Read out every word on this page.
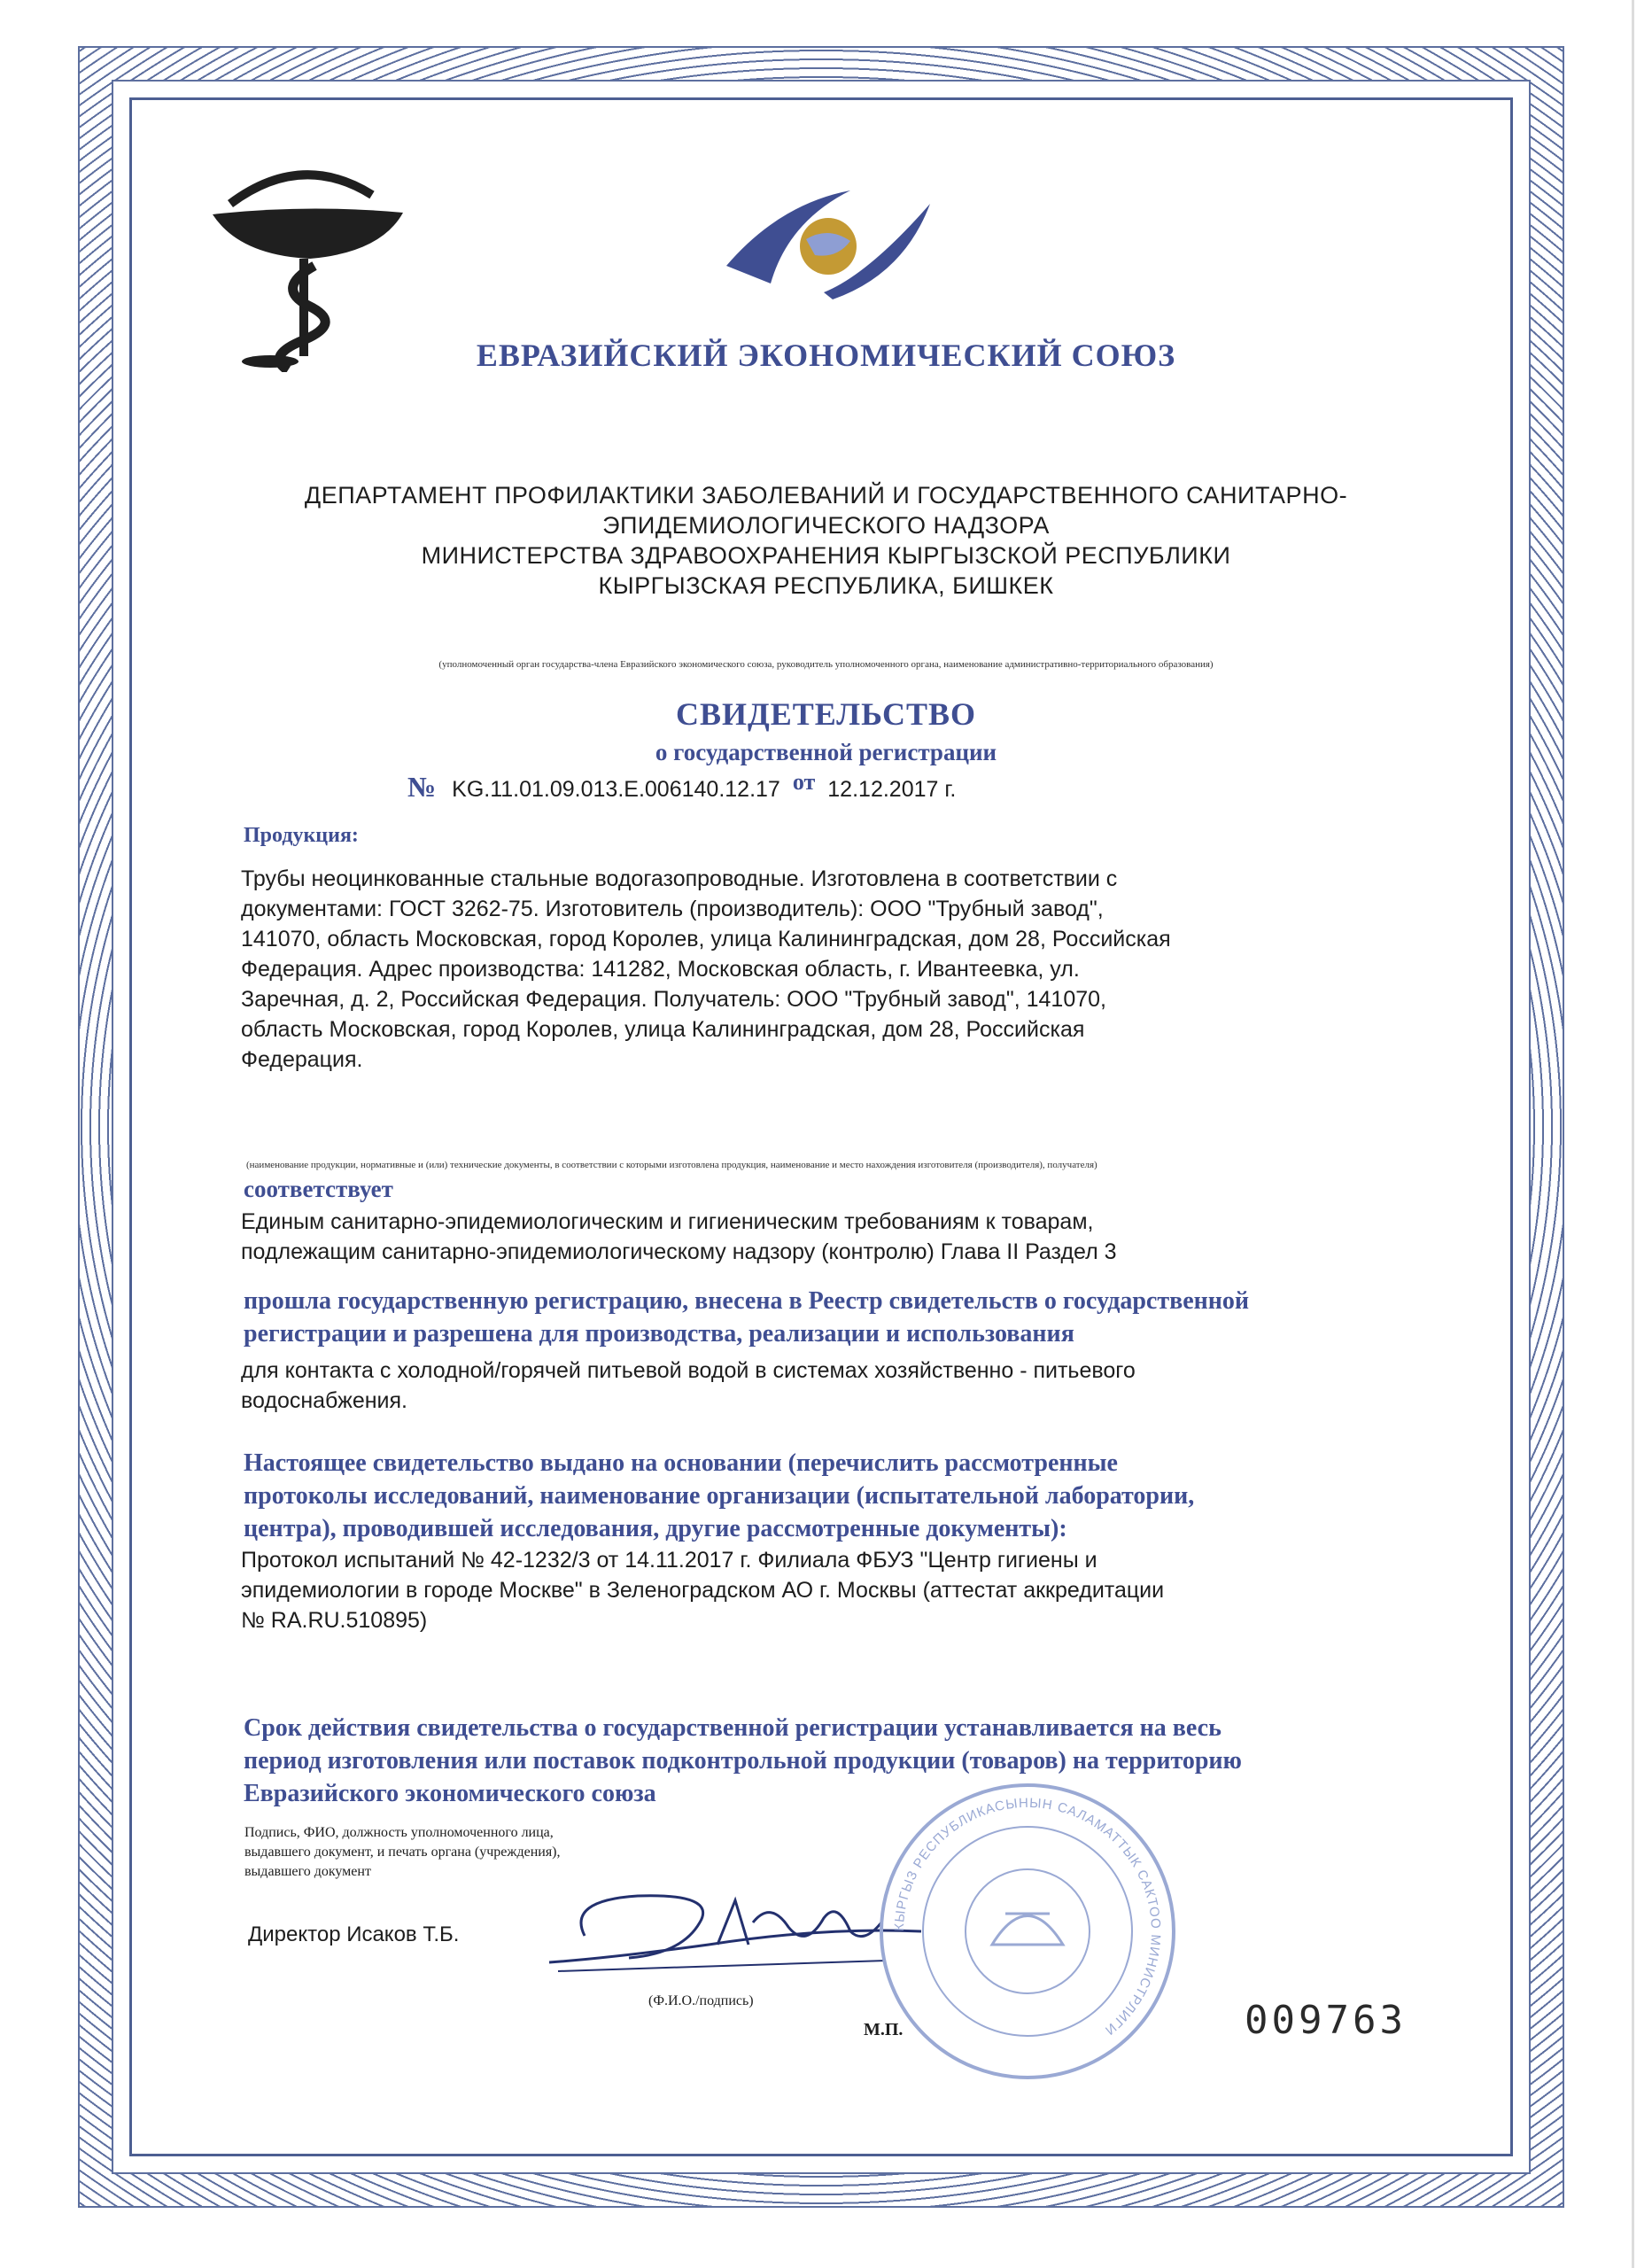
ЕВРАЗИЙСКИЙ ЭКОНОМИЧЕСКИЙ СОЮЗ
ДЕПАРТАМЕНТ ПРОФИЛАКТИКИ ЗАБОЛЕВАНИЙ И ГОСУДАРСТВЕННОГО САНИТАРНО-
ЭПИДЕМИОЛОГИЧЕСКОГО НАДЗОРА
МИНИСТЕРСТВА ЗДРАВООХРАНЕНИЯ КЫРГЫЗСКОЙ РЕСПУБЛИКИ
КЫРГЫЗСКАЯ РЕСПУБЛИКА, БИШКЕК
(уполномоченный орган государства-члена Евразийского экономического союза, руководитель уполномоченного органа, наименование административно-территориального образования)
СВИДЕТЕЛЬСТВО
о государственной регистрации
№ KG.11.01.09.013.E.006140.12.17 от 12.12.2017 г.
Продукция:
Трубы неоцинкованные стальные водогазопроводные. Изготовлена в соответствии с
документами: ГОСТ 3262-75. Изготовитель (производитель): ООО "Трубный завод",
141070, область Московская, город Королев, улица Калининградская, дом 28, Российская
Федерация. Адрес производства: 141282, Московская область, г. Ивантеевка, ул.
Заречная, д. 2, Российская Федерация. Получатель: ООО "Трубный завод", 141070,
область Московская, город Королев, улица Калининградская, дом 28, Российская
Федерация.
(наименование продукции, нормативные и (или) технические документы, в соответствии с которыми изготовлена продукция, наименование и место нахождения изготовителя (производителя), получателя)
соответствует
Единым санитарно-эпидемиологическим и гигиеническим требованиям к товарам,
подлежащим санитарно-эпидемиологическому надзору (контролю) Глава II Раздел 3
прошла государственную регистрацию, внесена в Реестр свидетельств о государственной
регистрации и разрешена для производства, реализации и использования
для контакта с холодной/горячей питьевой водой в системах хозяйственно - питьевого
водоснабжения.
Настоящее свидетельство выдано на основании (перечислить рассмотренные
протоколы исследований, наименование организации (испытательной лаборатории,
центра), проводившей исследования, другие рассмотренные документы):
Протокол испытаний № 42-1232/3 от 14.11.2017 г. Филиала ФБУЗ "Центр гигиены и
эпидемиологии в городе Москве" в Зеленоградском АО г. Москвы (аттестат аккредитации
№ RA.RU.510895)
Срок действия свидетельства о государственной регистрации устанавливается на весь
период изготовления или поставок подконтрольной продукции (товаров) на территорию
Евразийского экономического союза
Подпись, ФИО, должность уполномоченного лица,
выдавшего документ, и печать органа (учреждения),
выдавшего документ
Директор Исаков Т.Б.	КЫРГЫЗ РЕСПУБЛИКАСЫНЫН САЛАМАТТЫК САКТОО МИНИСТРЛИГИ
(Ф.И.О./подпись)
М.П.	009763
